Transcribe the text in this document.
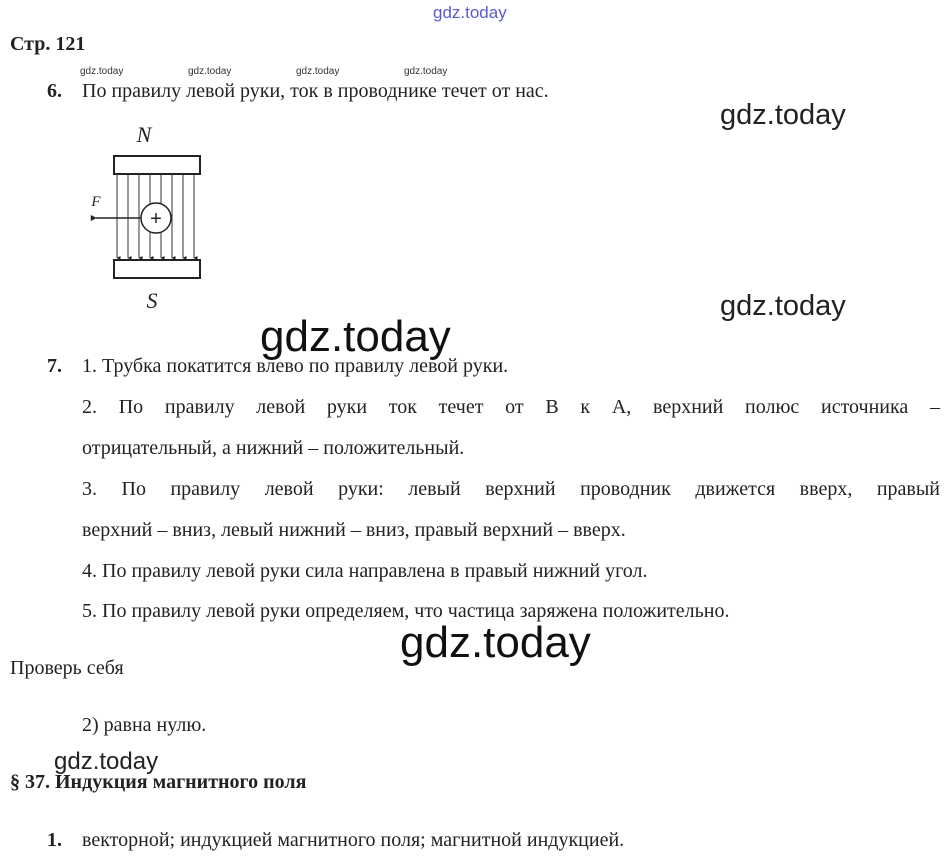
gdz.today
gdz.today	gdz.today	gdz.today	gdz.today
gdz.today
gdz.today
gdz.today
gdz.today
gdz.today
Стр. 121
6. По правилу левой руки, ток в проводнике течет от нас.
N
+
F
S
7. 1. Трубка покатится влево по правилу левой руки.
2. По правилу левой руки ток течет от В к А, верхний полюс источника –
отрицательный, а нижний – положительный.
3. По правилу левой руки: левый верхний проводник движется вверх, правый
верхний – вниз, левый нижний – вниз, правый верхний – вверх.
4. По правилу левой руки сила направлена в правый нижний угол.
5. По правилу левой руки определяем, что частица заряжена положительно.
Проверь себя
2) равна нулю.
§ 37. Индукция магнитного поля
1. векторной; индукцией магнитного поля; магнитной индукцией.
